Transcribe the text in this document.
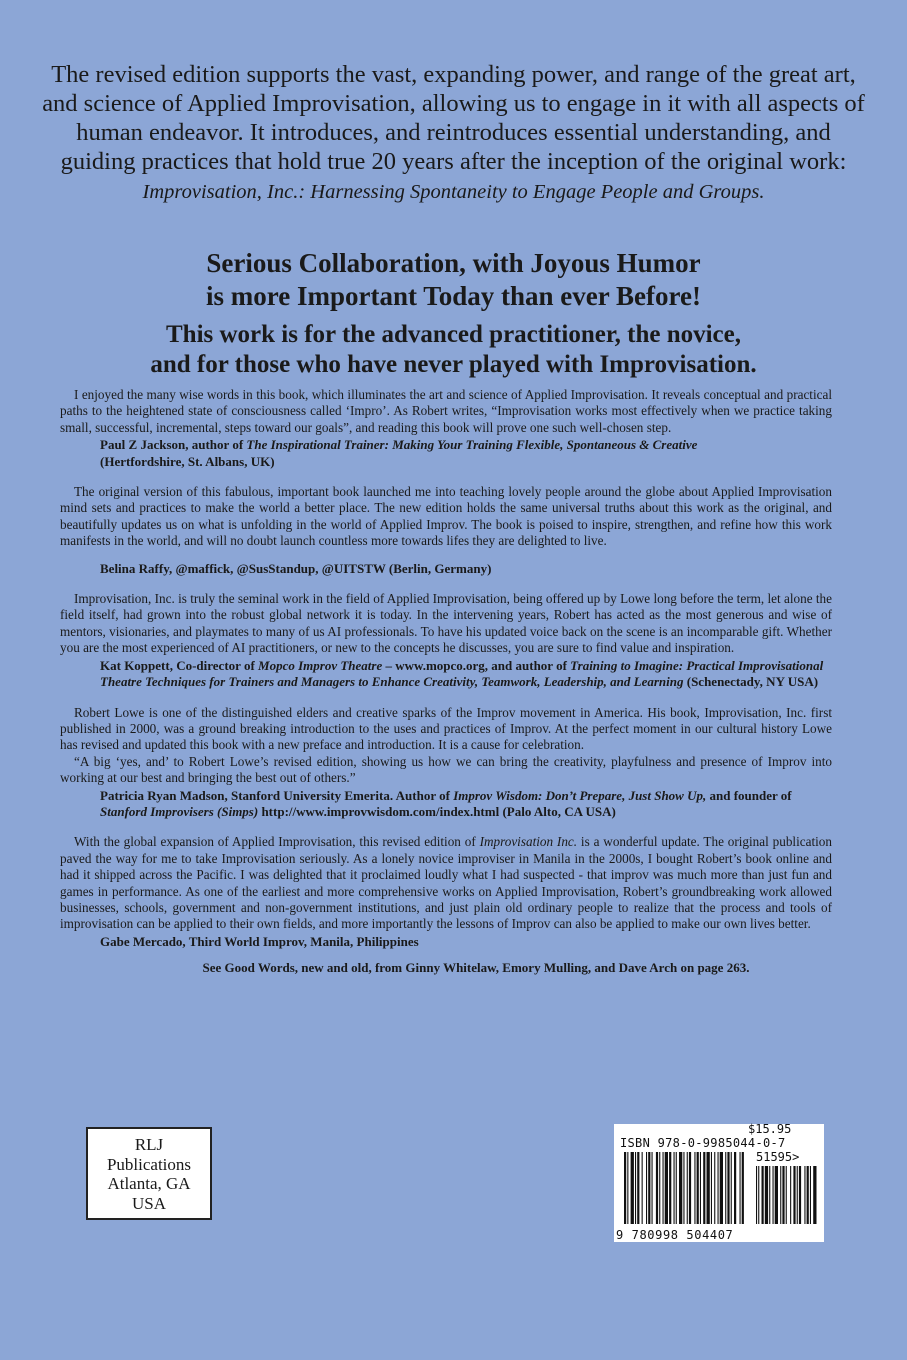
The revised edition supports the vast, expanding power, and range of the great art, and science of Applied Improvisation, allowing us to engage in it with all aspects of human endeavor. It introduces, and reintroduces essential understanding, and guiding practices that hold true 20 years after the inception of the original work:
Improvisation, Inc.: Harnessing Spontaneity to Engage People and Groups.
Serious Collaboration, with Joyous Humor
is more Important Today than ever Before!
This work is for the advanced practitioner, the novice,
and for those who have never played with Improvisation.

I enjoyed the many wise words in this book, which illuminates the art and science of Applied Improvisation. It reveals conceptual and practical paths to the heightened state of consciousness called ‘Impro’. As Robert writes, “Improvisation works most effectively when we practice taking small, successful, incremental, steps toward our goals”, and reading this book will prove one such well-chosen step.

Paul Z Jackson, author of The Inspirational Trainer: Making Your Training Flexible, Spontaneous & Creative
(Hertfordshire, St. Albans, UK)

The original version of this fabulous, important book launched me into teaching lovely people around the globe about Applied Improvisation mind sets and practices to make the world a better place. The new edition holds the same universal truths about this work as the original, and beautifully updates us on what is unfolding in the world of Applied Improv. The book is poised to inspire, strengthen, and refine how this work manifests in the world, and will no doubt launch countless more towards lifes they are delighted to live.

Belina Raffy, @maffick, @SusStandup, @UITSTW (Berlin, Germany)

Improvisation, Inc. is truly the seminal work in the field of Applied Improvisation, being offered up by Lowe long before the term, let alone the field itself, had grown into the robust global network it is today. In the intervening years, Robert has acted as the most generous and wise of mentors, visionaries, and playmates to many of us AI professionals. To have his updated voice back on the scene is an incomparable gift. Whether you are the most experienced of AI practitioners, or new to the concepts he discusses, you are sure to find value and inspiration.

Kat Koppett, Co-director of Mopco Improv Theatre – www.mopco.org, and author of Training to Imagine: Practical Improvisational Theatre Techniques for Trainers and Managers to Enhance Creativity, Teamwork, Leadership, and Learning (Schenectady, NY USA)

Robert Lowe is one of the distinguished elders and creative sparks of the Improv movement in America. His book, Improvisation, Inc. first published in 2000, was a ground breaking introduction to the uses and practices of Improv. At the perfect moment in our cultural history Lowe has revised and updated this book with a new preface and introduction. It is a cause for celebration.

“A big ‘yes, and’ to Robert Lowe’s revised edition, showing us how we can bring the creativity, playfulness and presence of Improv into working at our best and bringing the best out of others.”

Patricia Ryan Madson, Stanford University Emerita. Author of Improv Wisdom: Don’t Prepare, Just Show Up, and founder of Stanford Improvisers (Simps) http://www.improvwisdom.com/index.html (Palo Alto, CA USA)

With the global expansion of Applied Improvisation, this revised edition of Improvisation Inc. is a wonderful update. The original publication paved the way for me to take Improvisation seriously. As a lonely novice improviser in Manila in the 2000s, I bought Robert’s book online and had it shipped across the Pacific. I was delighted that it proclaimed loudly what I had suspected - that improv was much more than just fun and games in performance. As one of the earliest and more comprehensive works on Applied Improvisation, Robert’s groundbreaking work allowed businesses, schools, government and non-government institutions, and just plain old ordinary people to realize that the process and tools of improvisation can be applied to their own fields, and more importantly the lessons of Improv can also be applied to make our own lives better.

Gabe Mercado, Third World Improv, Manila, Philippines
See Good Words, new and old, from Ginny Whitelaw, Emory Mulling, and Dave Arch on page 263.
RLJ
Publications
Atlanta, GA
USA
$15.95
ISBN 978-0-9985044-0-7
51595>
9 780998 504407
